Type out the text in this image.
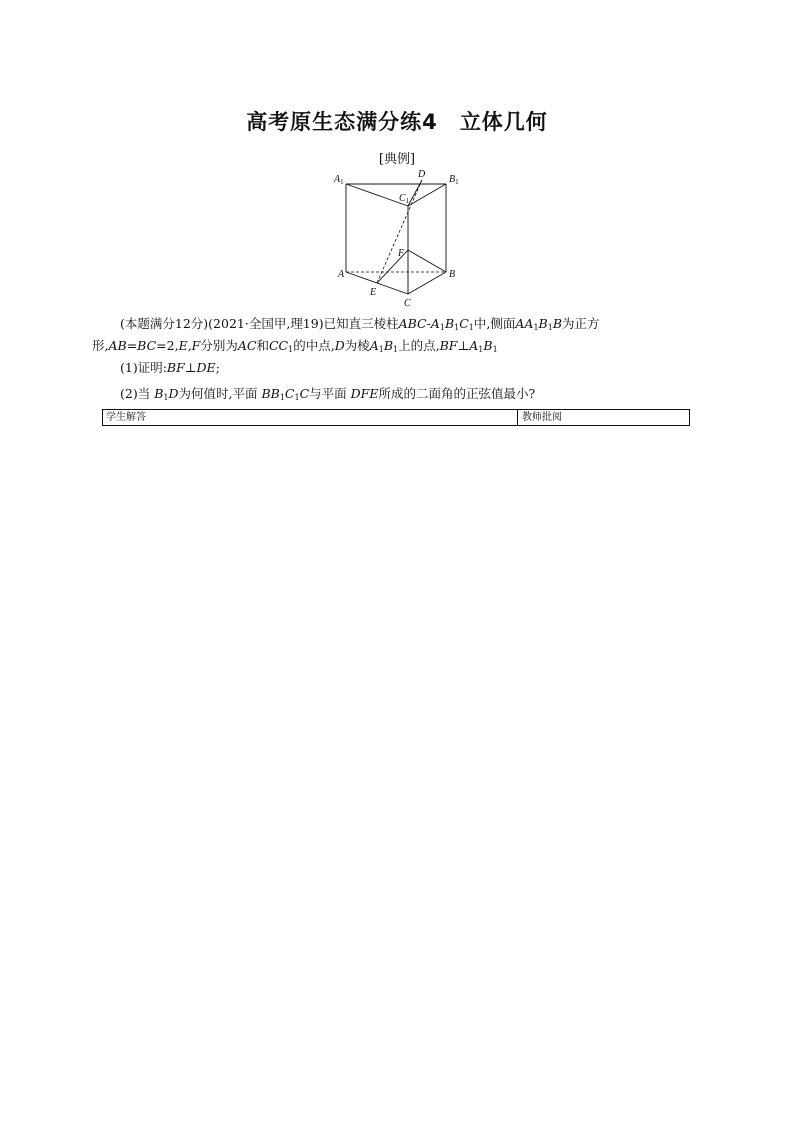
高考原生态满分练4 立体几何
[典例]
$A_1$	$B_1$
$C_1$
D
F
A	B
E
C
(本题满分12分)(2021·全国甲,理19)已知直三棱柱ABC-$A_1B_1C_1$中,侧面$AA_1B_1B$为正方形,AB=BC=2,E,F分别为AC和$CC_1$的中点,D为棱$A_1B_1$上的点$,BF\perp A_1B_1$
(1)证明:BF⊥DE;
(2)当 $B_1D$为何值时,平面 $BB_1C_1C$与平面 DFE所成的二面角的正弦值最小?
学生解答	教师批阅
